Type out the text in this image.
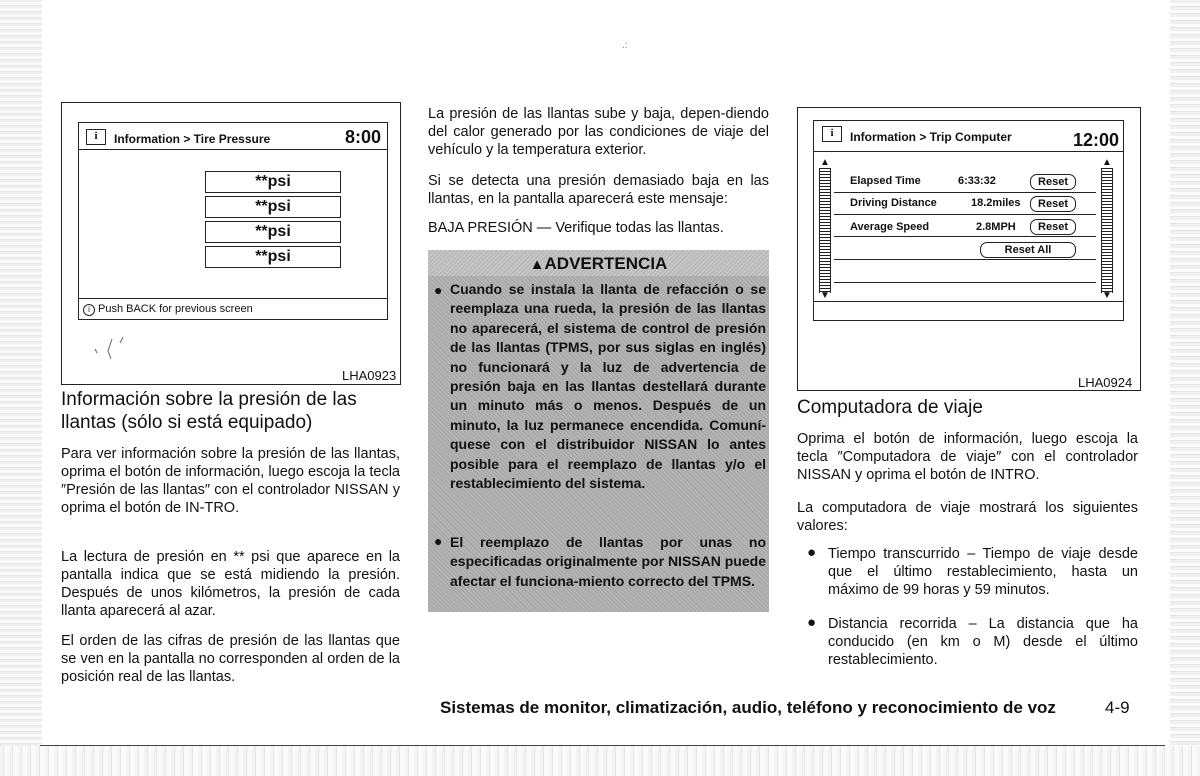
.:
i	Information > Tire Pressure	8:00
**psi
**psi
**psi
**psi
i Push BACK for previous screen
LHA0923
Información sobre la presión de las
llantas (sólo si está equipado)
Para ver información sobre la presión de las llantas, oprima el botón de información, luego escoja la tecla ″Presión de las llantas″ con el controlador NISSAN y oprima el botón de IN-TRO.
La lectura de presión en ** psi que aparece en la pantalla indica que se está midiendo la presión. Después de unos kilómetros, la presión de cada llanta aparecerá al azar.
El orden de las cifras de presión de las llantas que se ven en la pantalla no corresponden al orden de la posición real de las llantas.
La presión de las llantas sube y baja, depen-diendo del calor generado por las condiciones de viaje del vehículo y la temperatura exterior.
Si se detecta una presión demasiado baja en las llantas, en la pantalla aparecerá este mensaje:
BAJA PRESIÓN — Verifique todas las llantas.
▲ADVERTENCIA
● Cuando se instala la llanta de refacción o se reemplaza una rueda, la presión de las llantas no aparecerá, el sistema de control de presión de las llantas (TPMS, por sus siglas en inglés) no funcionará y la luz de advertencia de presión baja en las llantas destellará durante un minuto más o menos. Después de un minuto, la luz permanece encendida. Comuní-quese con el distribuidor NISSAN lo antes posible para el reemplazo de llantas y/o el restablecimiento del sistema.
● El reemplazo de llantas por unas no especificadas originalmente por NISSAN puede afectar el funciona-miento correcto del TPMS.
i	Information > Trip Computer	12:00
▲
▼
▲
▼
Elapsed Time	6:33:32	Reset
Driving Distance	18.2miles	Reset
Average Speed	2.8MPH	Reset
Reset All
LHA0924
Computadora de viaje
Oprima el botón de información, luego escoja la tecla ″Computadora de viaje″ con el controlador NISSAN y oprima el botón de INTRO.
La computadora de viaje mostrará los siguientes valores:
● Tiempo transcurrido – Tiempo de viaje desde que el último restablecimiento, hasta un máximo de 99 horas y 59 minutos.
● Distancia recorrida – La distancia que ha conducido (en km o M) desde el último restablecimiento.
Sistemas de monitor, climatización, audio, teléfono y reconocimiento de voz	4-9
